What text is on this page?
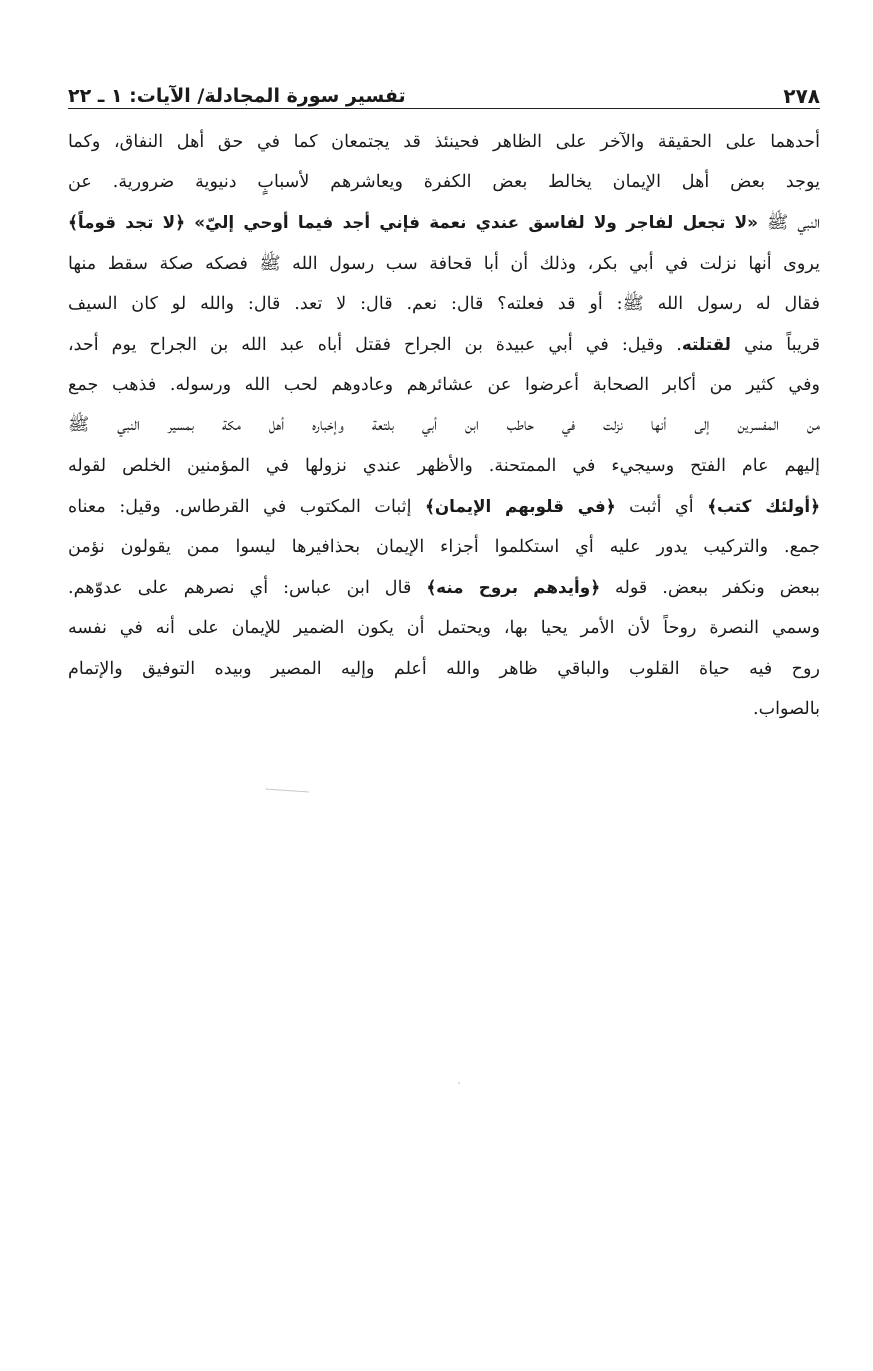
٢٧٨
تفسير سورة المجادلة/ الآيات: ١ ـ ٢٢
أحدهما على الحقيقة والآخر على الظاهر فحينئذ قد يجتمعان كما في حق أهل النفاق، وكما
يوجد بعض أهل الإيمان يخالط بعض الكفرة ويعاشرهم لأسبابٍ دنيوية ضرورية. عن
النبي ﷺ «لا تجعل لفاجر ولا لفاسق عندي نعمة فإني أجد فيما أوحي إليّ» ﴿لا تجد قوماً﴾
يروى أنها نزلت في أبي بكر، وذلك أن أبا قحافة سب رسول الله ﷺ فصكه صكة سقط منها
فقال له رسول الله ﷺ: أو قد فعلته؟ قال: نعم. قال: لا تعد. قال: والله لو كان السيف
قريباً مني لقتلته. وقيل: في أبي عبيدة بن الجراح فقتل أباه عبد الله بن الجراح يوم أحد،
وفي كثير من أكابر الصحابة أعرضوا عن عشائرهم وعادوهم لحب الله ورسوله. فذهب جمع
من المفسرين إلى أنها نزلت في حاطب ابن أبي بلتعة وإخباره أهل مكة بمسير النبي ﷺ
إليهم عام الفتح وسيجيء في الممتحنة. والأظهر عندي نزولها في المؤمنين الخلص لقوله
﴿أولئك كتب﴾ أي أثبت ﴿في قلوبهم الإيمان﴾ إثبات المكتوب في القرطاس. وقيل: معناه
جمع. والتركيب يدور عليه أي استكلموا أجزاء الإيمان بحذافيرها ليسوا ممن يقولون نؤمن
ببعض ونكفر ببعض. قوله ﴿وأيدهم بروح منه﴾ قال ابن عباس: أي نصرهم على عدوّهم.
وسمي النصرة روحاً لأن الأمر يحيا بها، ويحتمل أن يكون الضمير للإيمان على أنه في نفسه
روح فيه حياة القلوب والباقي ظاهر والله أعلم وإليه المصير وبيده التوفيق والإتمام
بالصواب.
